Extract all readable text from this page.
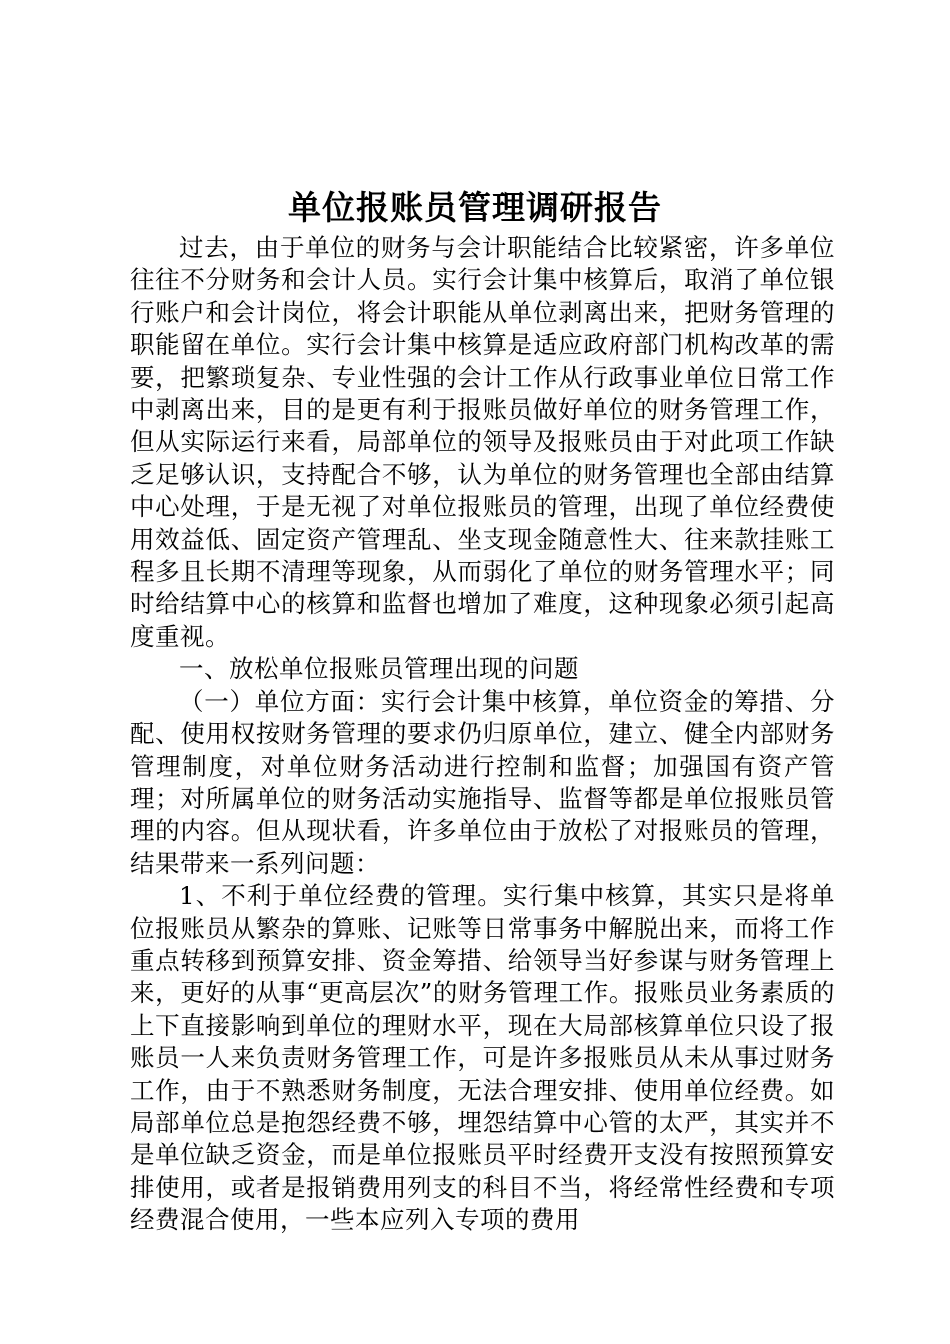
单位报账员管理调研报告

过去，由于单位的财务与会计职能结合比较紧密，许多单位往往不分财务和会计人员。实行会计集中核算后，取消了单位银行账户和会计岗位，将会计职能从单位剥离出来，把财务管理的职能留在单位。实行会计集中核算是适应政府部门机构改革的需要，把繁琐复杂、专业性强的会计工作从行政事业单位日常工作中剥离出来，目的是更有利于报账员做好单位的财务管理工作，但从实际运行来看，局部单位的领导及报账员由于对此项工作缺乏足够认识，支持配合不够，认为单位的财务管理也全部由结算中心处理，于是无视了对单位报账员的管理，出现了单位经费使用效益低、固定资产管理乱、坐支现金随意性大、往来款挂账工程多且长期不清理等现象，从而弱化了单位的财务管理水平；同时给结算中心的核算和监督也增加了难度，这种现象必须引起高度重视。

一、放松单位报账员管理出现的问题

（一）单位方面：实行会计集中核算，单位资金的筹措、分配、使用权按财务管理的要求仍归原单位，建立、健全内部财务管理制度，对单位财务活动进行控制和监督；加强国有资产管理；对所属单位的财务活动实施指导、监督等都是单位报账员管理的内容。但从现状看，许多单位由于放松了对报账员的管理，结果带来一系列问题：

1、不利于单位经费的管理。实行集中核算，其实只是将单位报账员从繁杂的算账、记账等日常事务中解脱出来，而将工作重点转移到预算安排、资金筹措、给领导当好参谋与财务管理上来，更好的从事“更高层次”的财务管理工作。报账员业务素质的上下直接影响到单位的理财水平，现在大局部核算单位只设了报账员一人来负责财务管理工作，可是许多报账员从未从事过财务工作，由于不熟悉财务制度，无法合理安排、使用单位经费。如局部单位总是抱怨经费不够，埋怨结算中心管的太严，其实并不是单位缺乏资金，而是单位报账员平时经费开支没有按照预算安排使用，或者是报销费用列支的科目不当，将经常性经费和专项经费混合使用，一些本应列入专项的费用
